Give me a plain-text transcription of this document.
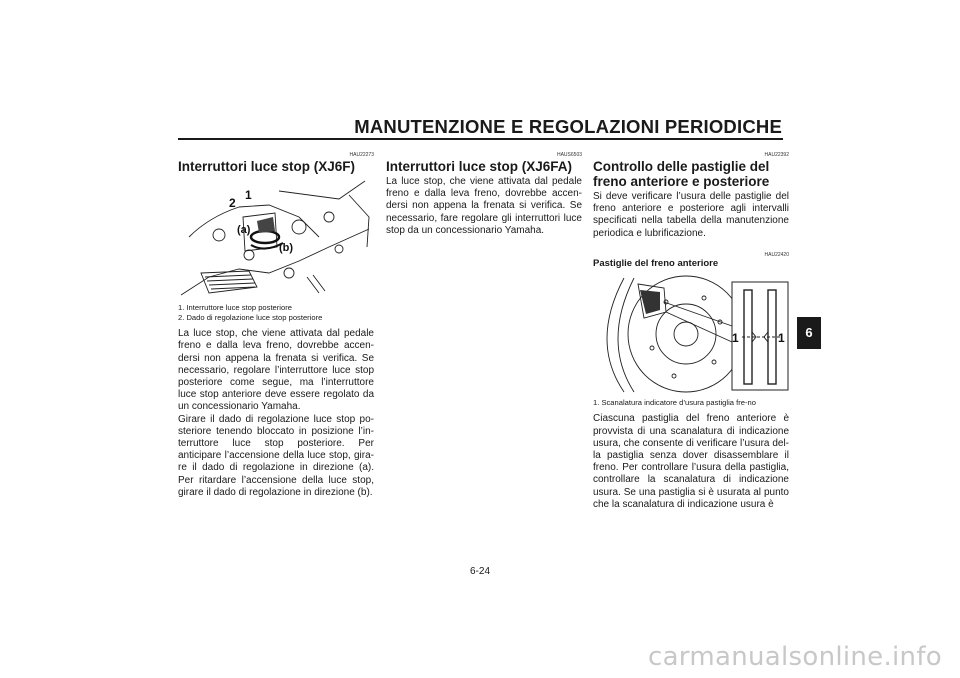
MANUTENZIONE E REGOLAZIONI PERIODICHE
HAU22273
Interruttori luce stop (XJ6F)
2
1
(a)
(b)
1. Interruttore luce stop posteriore
2. Dado di regolazione luce stop posteriore

La luce stop, che viene attivata dal pedale freno e dalla leva freno, dovrebbe accen-dersi non appena la frenata si verifica. Se necessario, regolare l’interruttore luce stop posteriore come segue, ma l’interruttore luce stop anteriore deve essere regolato da un concessionario Yamaha.

Girare il dado di regolazione luce stop po-steriore tenendo bloccato in posizione l’in-terruttore luce stop posteriore. Per anticipare l’accensione della luce stop, gira-re il dado di regolazione in direzione (a). Per ritardare l’accensione della luce stop, girare il dado di regolazione in direzione (b).

HAUS6503
Interruttori luce stop (XJ6FA)

La luce stop, che viene attivata dal pedale freno e dalla leva freno, dovrebbe accen-dersi non appena la frenata si verifica. Se necessario, fare regolare gli interruttori luce stop da un concessionario Yamaha.

HAU22392
Controllo delle pastiglie del freno anteriore e posteriore

Si deve verificare l’usura delle pastiglie del freno anteriore e posteriore agli intervalli specificati nella tabella della manutenzione periodica e lubrificazione.

HAU22420
Pastiglie del freno anteriore
1	1
1. Scanalatura indicatore d’usura pastiglia fre-no

Ciascuna pastiglia del freno anteriore è provvista di una scanalatura di indicazione usura, che consente di verificare l’usura del-la pastiglia senza dover disassemblare il freno. Per controllare l’usura della pastiglia, controllare la scanalatura di indicazione usura. Se una pastiglia si è usurata al punto che la scanalatura di indicazione usura è

6
6-24
carmanualsonline.info
